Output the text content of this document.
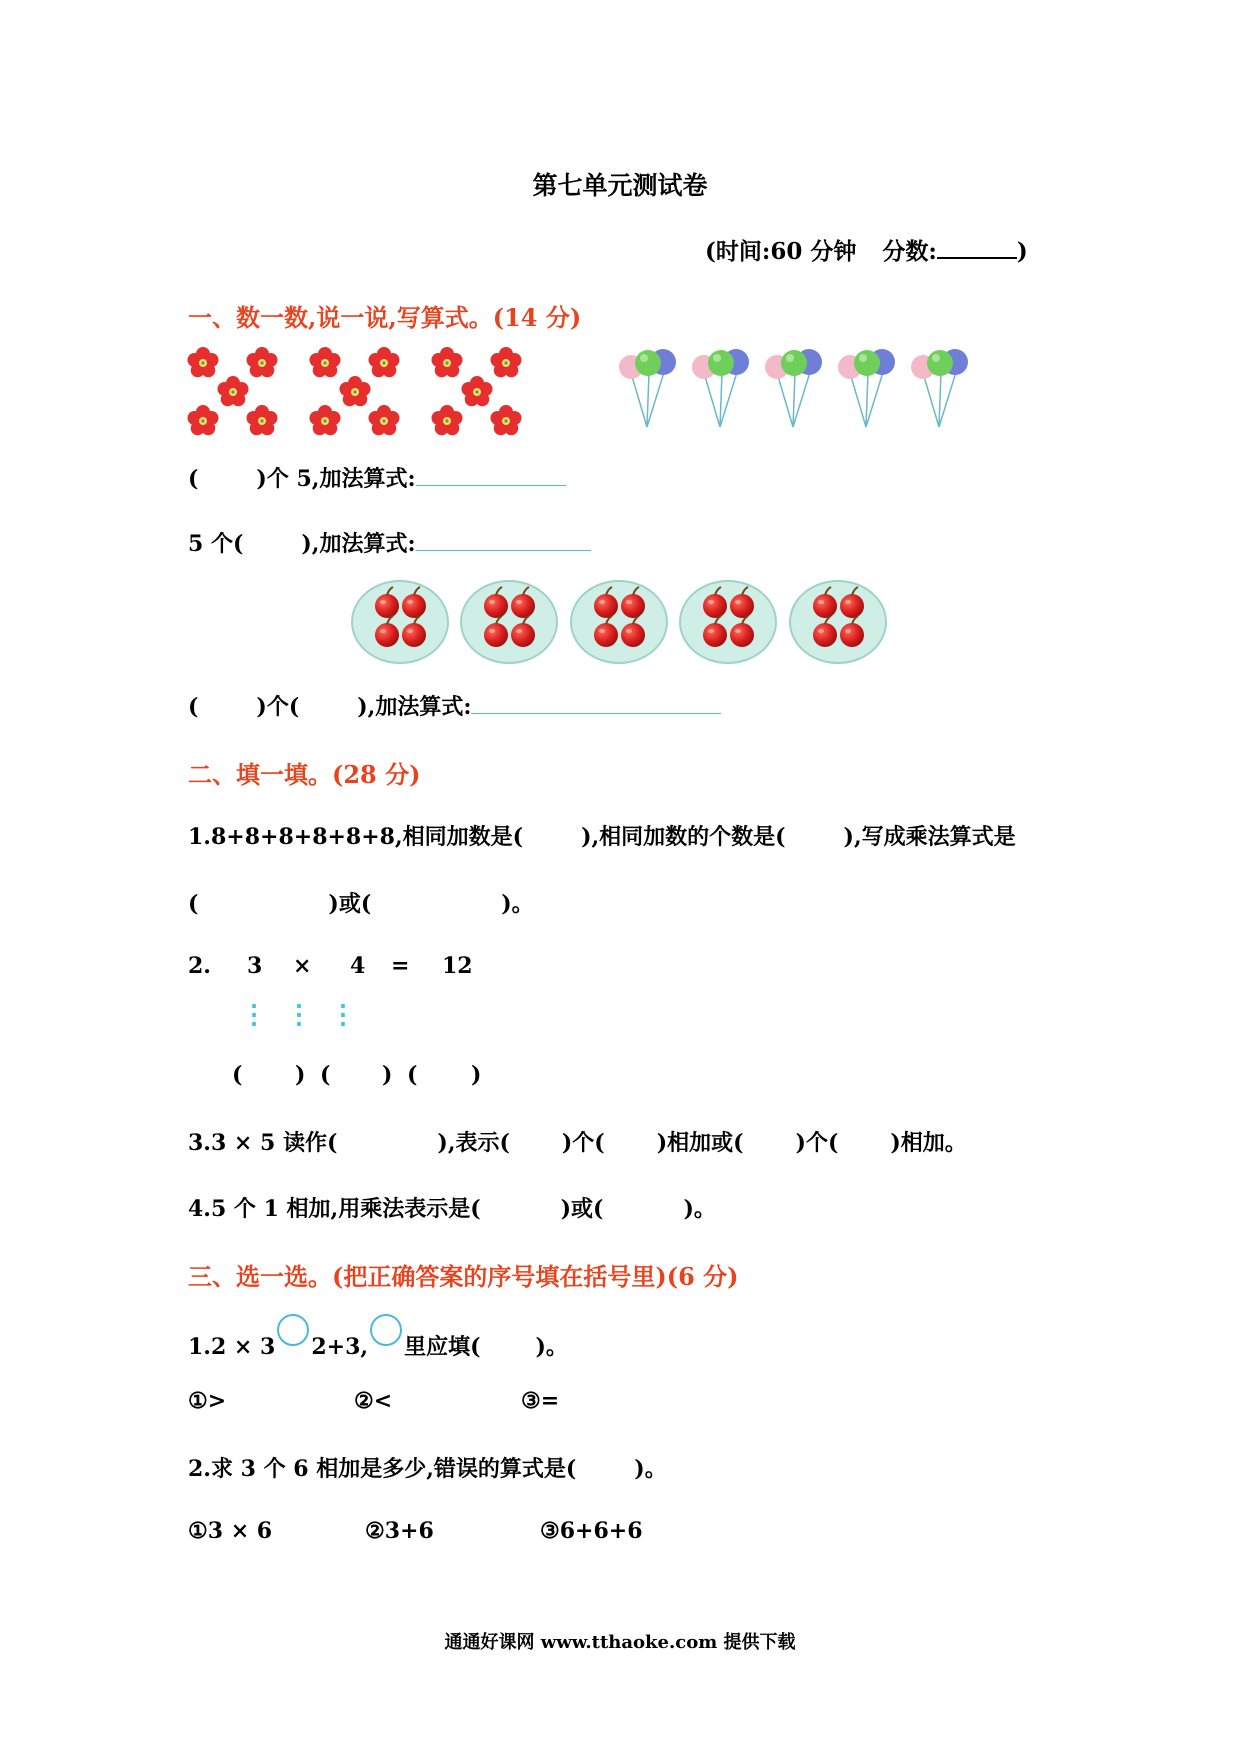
第七单元测试卷
(时间:60 分钟 分数:	)
一、数一数,说一说,写算式。(14 分)
(	)个 5,加法算式:
5 个(	),加法算式:
(	)个(	),加法算式:
二、填一填。(28 分)
1.8+8+8+8+8+8,相同加数是(	),相同加数的个数是(	),写成乘法算式是
(	)或(	)。
2. 3 × 4 = 12
⋮ ⋮ ⋮
( ) ( ) ( )
3.3 × 5 读作(	),表示( )个( )相加或( )个( )相加。
4.5 个 1 相加,用乘法表示是(	)或(	)。
三、选一选。(把正确答案的序号填在括号里)(6 分)
1.2 × 3 2+3, 里应填(	)。
①>	②<	③=
2.求 3 个 6 相加是多少,错误的算式是(	)。
①3 × 6	②3+6	③6+6+6
通通好课网 www.tthaoke.com 提供下载
